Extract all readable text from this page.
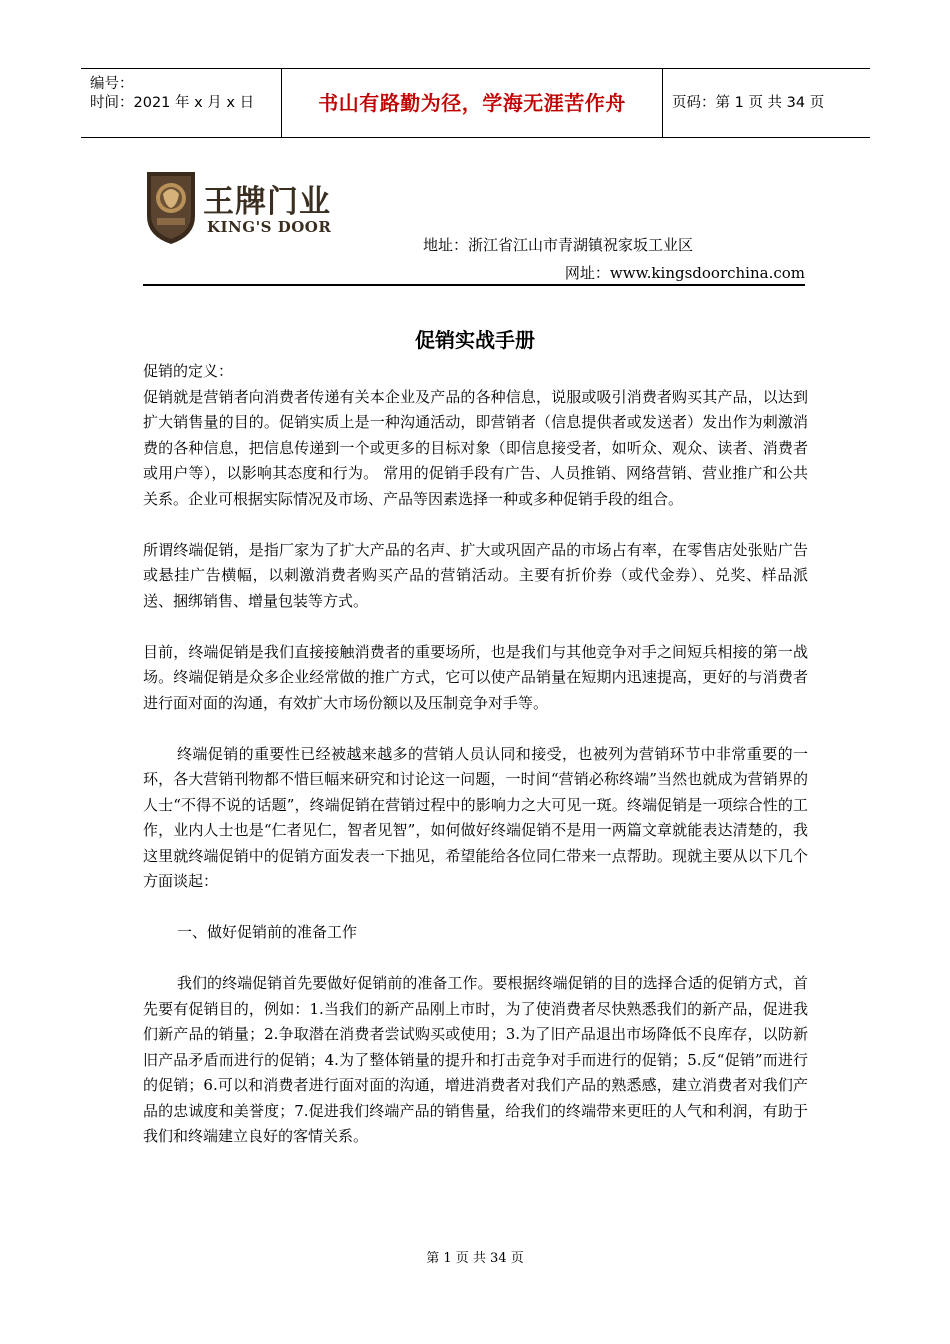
编号：
时间：2021 年 x 月 x 日	书山有路勤为径，学海无涯苦作舟	页码：第 1 页 共 34 页
王牌门业
KING'S DOOR
地址：浙江省江山市青湖镇祝家坂工业区
网址：www.kingsdoorchina.com
促销实战手册

促销的定义：

促销就是营销者向消费者传递有关本企业及产品的各种信息，说服或吸引消费者购买其产品，以达到扩大销售量的目的。促销实质上是一种沟通活动，即营销者（信息提供者或发送者）发出作为刺激消费的各种信息，把信息传递到一个或更多的目标对象（即信息接受者，如听众、观众、读者、消费者或用户等），以影响其态度和行为。 常用的促销手段有广告、人员推销、网络营销、营业推广和公共关系。企业可根据实际情况及市场、产品等因素选择一种或多种促销手段的组合。

所谓终端促销，是指厂家为了扩大产品的名声、扩大或巩固产品的市场占有率，在零售店处张贴广告或悬挂广告横幅，以刺激消费者购买产品的营销活动。主要有折价券（或代金券）、兑奖、样品派送、捆绑销售、增量包装等方式。

目前，终端促销是我们直接接触消费者的重要场所，也是我们与其他竞争对手之间短兵相接的第一战场。终端促销是众多企业经常做的推广方式，它可以使产品销量在短期内迅速提高，更好的与消费者进行面对面的沟通，有效扩大市场份额以及压制竞争对手等。

终端促销的重要性已经被越来越多的营销人员认同和接受，也被列为营销环节中非常重要的一环，各大营销刊物都不惜巨幅来研究和讨论这一问题，一时间“营销必称终端”当然也就成为营销界的人士“不得不说的话题”，终端促销在营销过程中的影响力之大可见一斑。终端促销是一项综合性的工作，业内人士也是“仁者见仁，智者见智”，如何做好终端促销不是用一两篇文章就能表达清楚的，我这里就终端促销中的促销方面发表一下拙见，希望能给各位同仁带来一点帮助。现就主要从以下几个方面谈起：

一、做好促销前的准备工作

我们的终端促销首先要做好促销前的准备工作。要根据终端促销的目的选择合适的促销方式，首先要有促销目的，例如：1.当我们的新产品刚上市时，为了使消费者尽快熟悉我们的新产品，促进我们新产品的销量；2.争取潜在消费者尝试购买或使用；3.为了旧产品退出市场降低不良库存，以防新旧产品矛盾而进行的促销；4.为了整体销量的提升和打击竞争对手而进行的促销；5.反“促销”而进行的促销；6.可以和消费者进行面对面的沟通，增进消费者对我们产品的熟悉感，建立消费者对我们产品的忠诚度和美誉度；7.促进我们终端产品的销售量，给我们的终端带来更旺的人气和利润，有助于我们和终端建立良好的客情关系。

第 1 页 共 34 页
